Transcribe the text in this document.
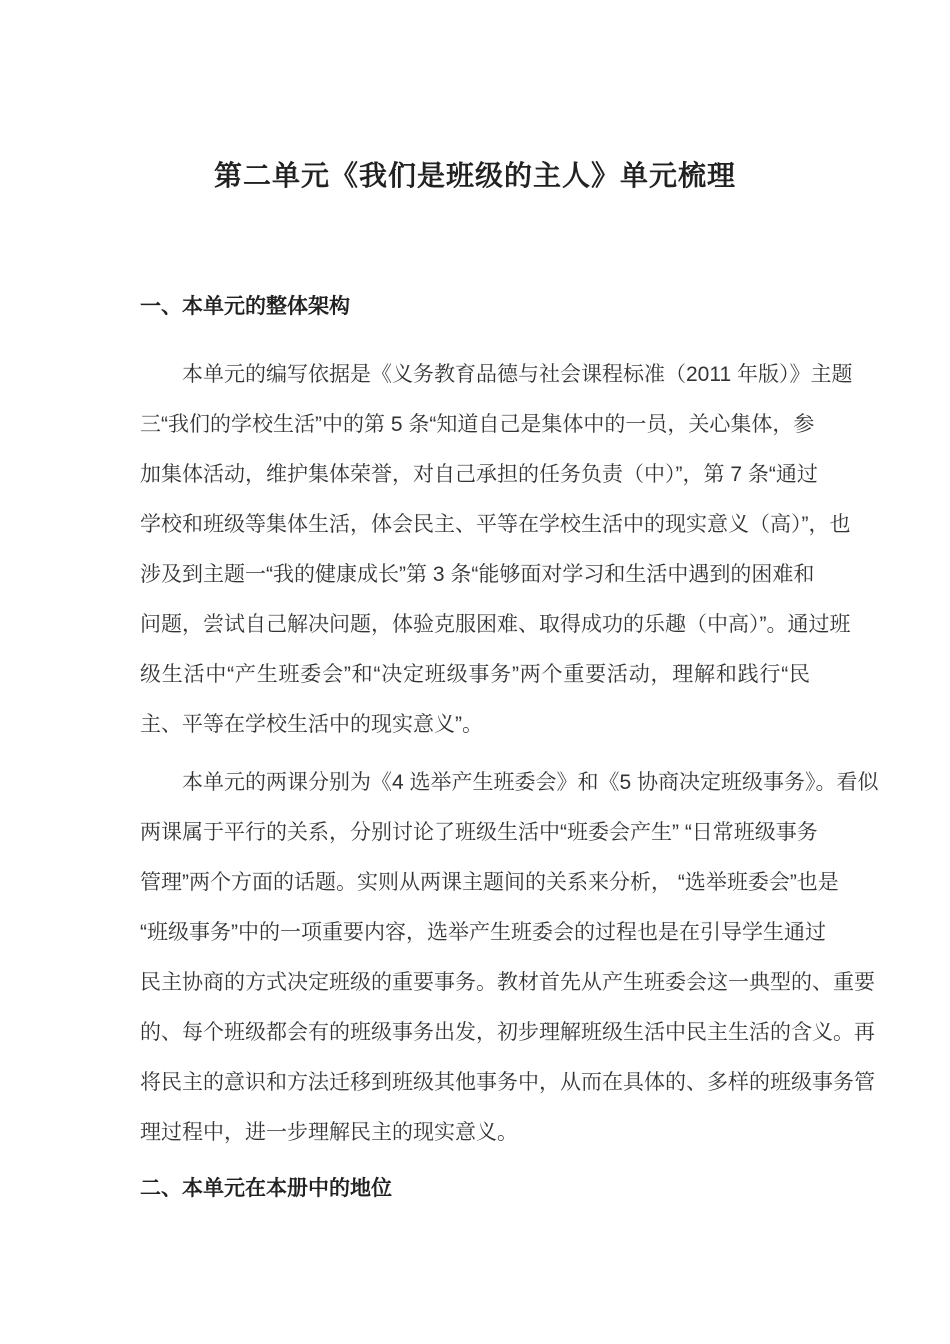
第二单元《我们是班级的主人》单元梳理
一、本单元的整体架构
本单元的编写依据是《义务教育品德与社会课程标准（2011 年版）》主题
三“我们的学校生活”中的第 5 条“知道自己是集体中的一员，关心集体，参
加集体活动，维护集体荣誉，对自己承担的任务负责（中）”，第 7 条“通过
学校和班级等集体生活，体会民主、平等在学校生活中的现实意义（高）”，也
涉及到主题一“我的健康成长”第 3 条“能够面对学习和生活中遇到的困难和
问题，尝试自己解决问题，体验克服困难、取得成功的乐趣（中高）”。通过班
级生活中“产生班委会”和“决定班级事务”两个重要活动，理解和践行“民
主、平等在学校生活中的现实意义”。
本单元的两课分别为《4 选举产生班委会》和《5 协商决定班级事务》。看似
两课属于平行的关系，分别讨论了班级生活中“班委会产生” “日常班级事务
管理”两个方面的话题。实则从两课主题间的关系来分析， “选举班委会”也是
“班级事务”中的一项重要内容，选举产生班委会的过程也是在引导学生通过
民主协商的方式决定班级的重要事务。教材首先从产生班委会这一典型的、重要
的、每个班级都会有的班级事务出发，初步理解班级生活中民主生活的含义。再
将民主的意识和方法迁移到班级其他事务中，从而在具体的、多样的班级事务管
理过程中，进一步理解民主的现实意义。
二、本单元在本册中的地位
